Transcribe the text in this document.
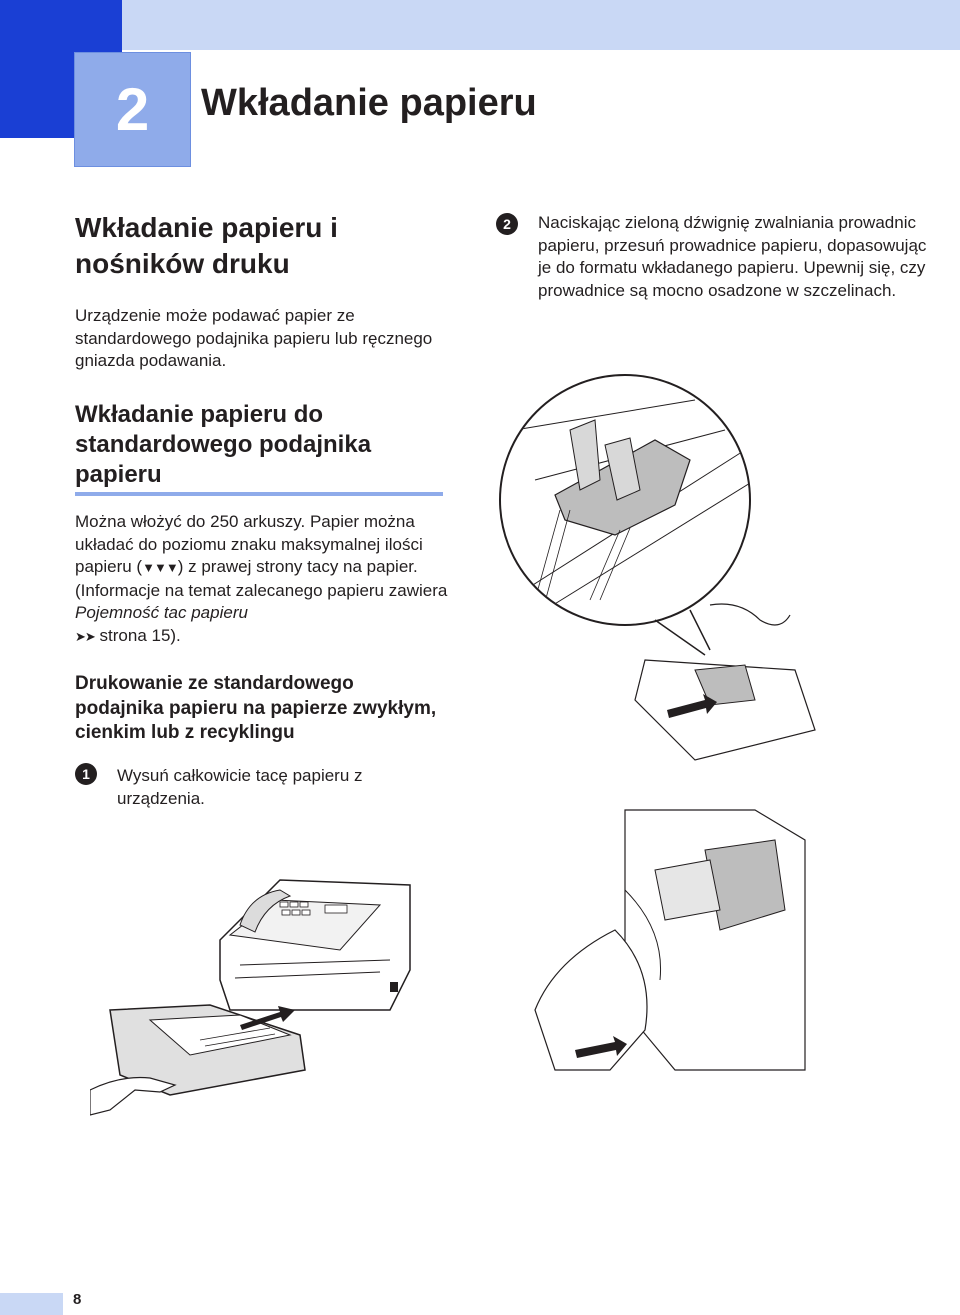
2 Wkładanie papieru
Wkładanie papieru i nośników druku

Urządzenie może podawać papier ze standardowego podajnika papieru lub ręcznego gniazda podawania.

Wkładanie papieru do standardowego podajnika papieru

Można włożyć do 250 arkuszy. Papier można układać do poziomu znaku maksymalnej ilości papieru (▼▼▼) z prawej strony tacy na papier. (Informacje na temat zalecanego papieru zawiera Pojemność tac papieru
➤➤ strona 15).

Drukowanie ze standardowego podajnika papieru na papierze zwykłym, cienkim lub z recyklingu
1	Wysuń całkowicie tacę papieru z urządzenia.

2	Naciskając zieloną dźwignię zwalniania prowadnic papieru, przesuń prowadnice papieru, dopasowując je do formatu wkładanego papieru. Upewnij się, czy prowadnice są mocno osadzone w szczelinach.

8
